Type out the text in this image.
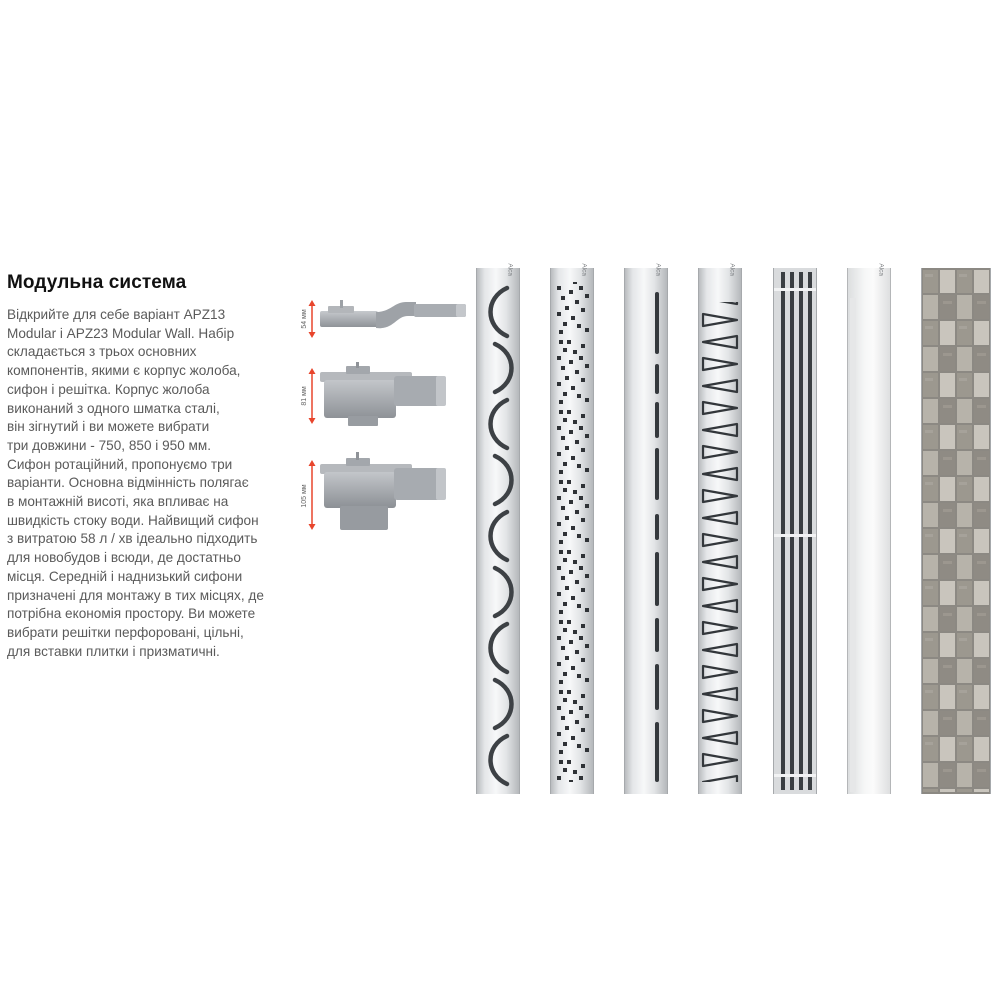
Модульна система

Відкрийте для себе варіант APZ13
Modular і APZ23 Modular Wall. Набір
складається з трьох основних
компонентів, якими є корпус жолоба,
сифон і решітка. Корпус жолоба
виконаний з одного шматка сталі,
він зігнутий і ви можете вибрати
три довжини - 750, 850 і 950 мм.
Сифон ротаційний, пропонуємо три
варіанти. Основна відмінність полягає
в монтажній висоті, яка впливає на
швидкість стоку води. Найвищий сифон
з витратою 58 л / хв ідеально підходить
для новобудов і всюди, де достатньо
місця. Середній і наднизький сифони
призначені для монтажу в тих місцях, де
потрібна економія простору. Ви можете
вибрати решітки перфоровані, цільні,
для вставки плитки і призматичні.

54 мм
81 мм
105 мм
Alca	Alca	Alca	Alca	Alca
